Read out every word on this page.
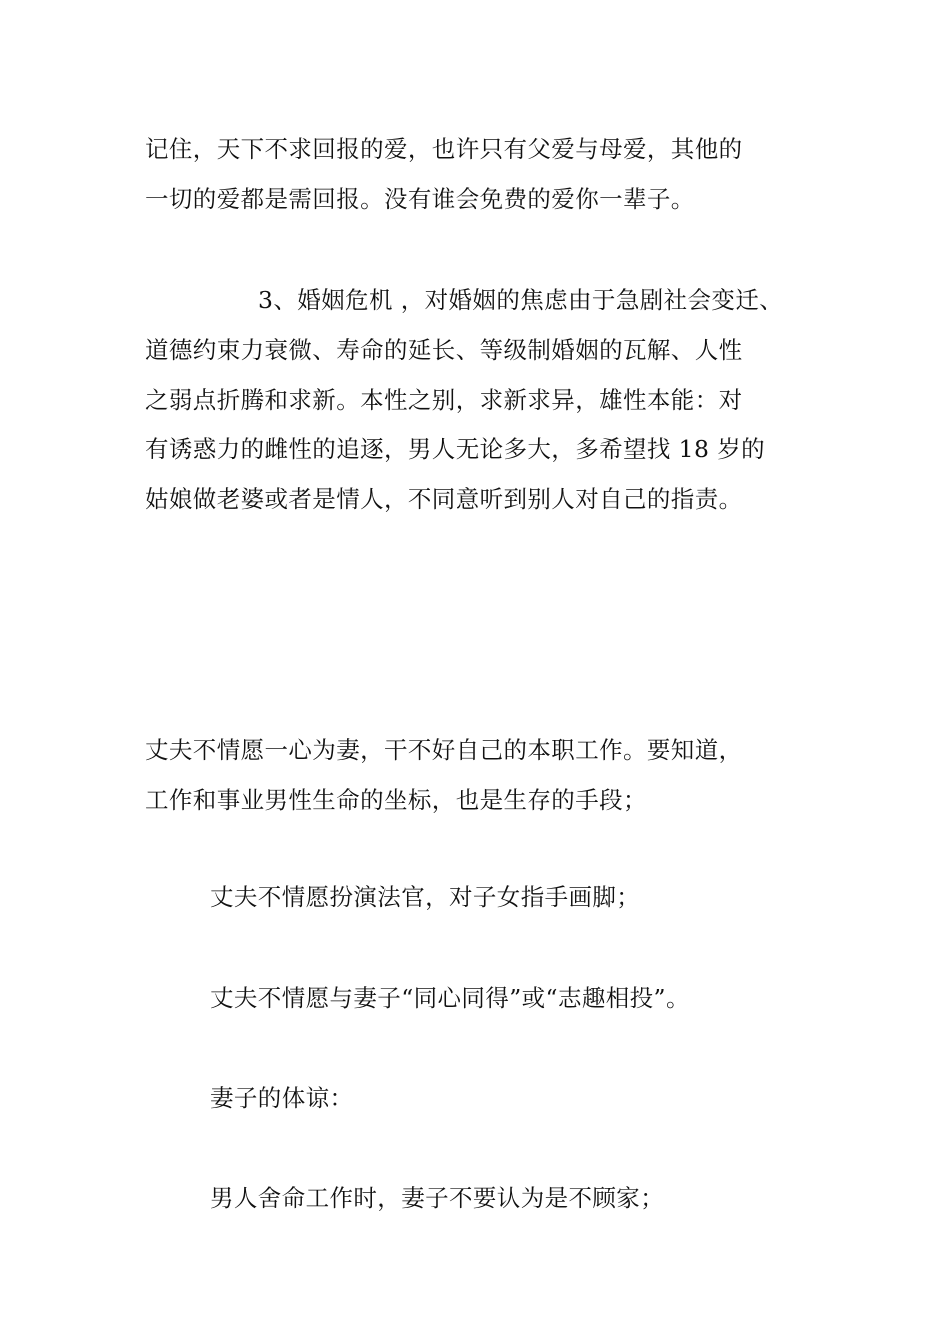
记住，天下不求回报的爱，也许只有父爱与母爱，其他的
一切的爱都是需回报。没有谁会免费的爱你一辈子。
3、婚姻危机 ，对婚姻的焦虑由于急剧社会变迁、
道德约束力衰微、寿命的延长、等级制婚姻的瓦解、人性
之弱点折腾和求新。本性之别，求新求异，雄性本能：对
有诱惑力的雌性的追逐，男人无论多大，多希望找 18 岁的
姑娘做老婆或者是情人，不同意听到别人对自己的指责。
丈夫不情愿一心为妻，干不好自己的本职工作。要知道，
工作和事业男性生命的坐标，也是生存的手段；
丈夫不情愿扮演法官，对子女指手画脚；
丈夫不情愿与妻子“同心同得”或“志趣相投”。
妻子的体谅：
男人舍命工作时，妻子不要认为是不顾家；
